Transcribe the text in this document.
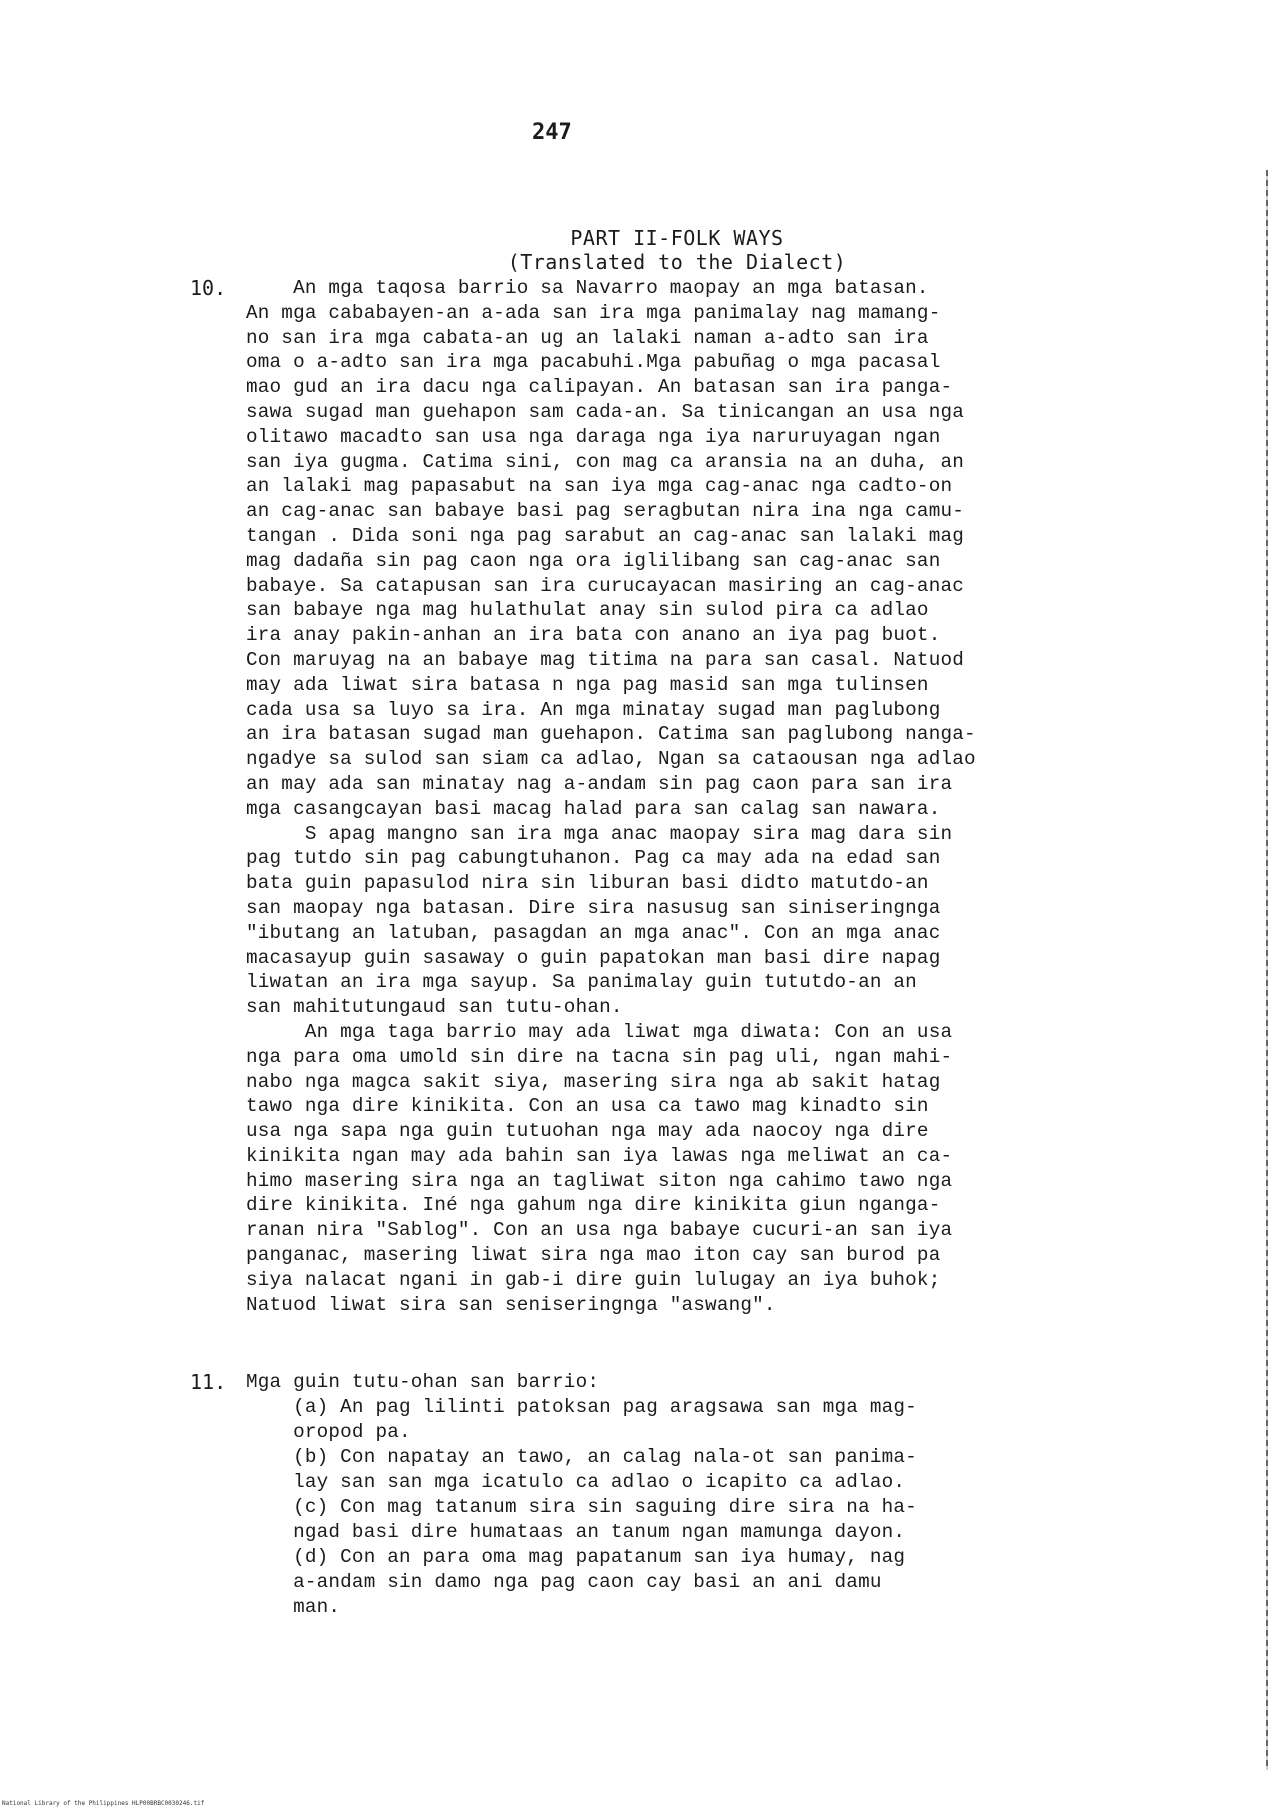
247
PART II-FOLK WAYS
(Translated to the Dialect)
10.	An mga taqosa barrio sa Navarro maopay an mga batasan.
An mga cababayen-an a-ada san ira mga panimalay nag mamang-
no san ira mga cabata-an ug an lalaki naman a-adto san ira
oma o a-adto san ira mga pacabuhi.Mga pabuñag o mga pacasal
mao gud an ira dacu nga calipayan. An batasan san ira panga-
sawa sugad man guehapon sam cada-an. Sa tinicangan an usa nga
olitawo macadto san usa nga daraga nga iya naruruyagan ngan
san iya gugma. Catima sini, con mag ca aransia na an duha, an
an lalaki mag papasabut na san iya mga cag-anac nga cadto-on
an cag-anac san babaye basi pag seragbutan nira ina nga camu-
tangan . Dida soni nga pag sarabut an cag-anac san lalaki mag
mag dadaña sin pag caon nga ora iglilibang san cag-anac san
babaye. Sa catapusan san ira curucayacan masiring an cag-anac
san babaye nga mag hulathulat anay sin sulod pira ca adlao
ira anay pakin-anhan an ira bata con anano an iya pag buot.
Con maruyag na an babaye mag titima na para san casal. Natuod
may ada liwat sira batasa n nga pag masid san mga tulinsen
cada usa sa luyo sa ira. An mga minatay sugad man paglubong
an ira batasan sugad man guehapon. Catima san paglubong nanga-
ngadye sa sulod san siam ca adlao, Ngan sa cataousan nga adlao
an may ada san minatay nag a-andam sin pag caon para san ira
mga casangcayan basi macag halad para san calag san nawara.
S apag mangno san ira mga anac maopay sira mag dara sin
pag tutdo sin pag cabungtuhanon. Pag ca may ada na edad san
bata guin papasulod nira sin liburan basi didto matutdo-an
san maopay nga batasan. Dire sira nasusug san siniseringnga
"ibutang an latuban, pasagdan an mga anac". Con an mga anac
macasayup guin sasaway o guin papatokan man basi dire napag
liwatan an ira mga sayup. Sa panimalay guin tututdo-an an
san mahitutungaud san tutu-ohan.
An mga taga barrio may ada liwat mga diwata: Con an usa
nga para oma umold sin dire na tacna sin pag uli, ngan mahi-
nabo nga magca sakit siya, masering sira nga ab sakit hatag
tawo nga dire kinikita. Con an usa ca tawo mag kinadto sin
usa nga sapa nga guin tutuohan nga may ada naocoy nga dire
kinikita ngan may ada bahin san iya lawas nga meliwat an ca-
himo masering sira nga an tagliwat siton nga cahimo tawo nga
dire kinikita. Iné nga gahum nga dire kinikita giun nganga-
ranan nira "Sablog". Con an usa nga babaye cucuri-an san iya
panganac, masering liwat sira nga mao iton cay san burod pa
siya nalacat ngani in gab-i dire guin lulugay an iya buhok;
Natuod liwat sira san seniseringnga "aswang".
11. Mga guin tutu-ohan san barrio:
(a) An pag lilinti patoksan pag aragsawa san mga mag-
oropod pa.
(b) Con napatay an tawo, an calag nala-ot san panima-
lay san san mga icatulo ca adlao o icapito ca adlao.
(c) Con mag tatanum sira sin saguing dire sira na ha-
ngad basi dire humataas an tanum ngan mamunga dayon.
(d) Con an para oma mag papatanum san iya humay, nag
a-andam sin damo nga pag caon cay basi an ani damu
man.
National Library of the Philippines HLP00BRBC0030246.tif
